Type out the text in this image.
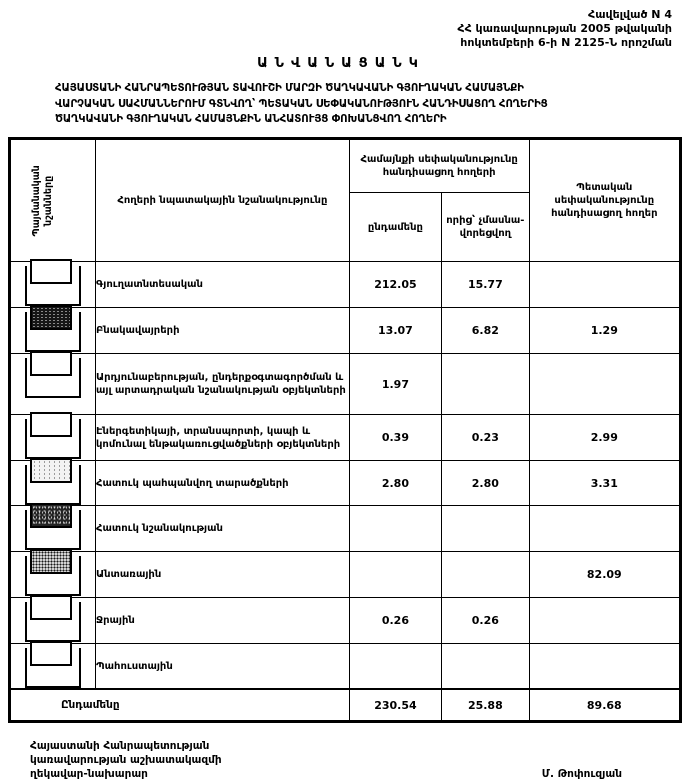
Հավելված N 4
ՀՀ կառավարության 2005 թվականի
հոկտեմբերի 6-ի N 2125-Ն որոշման
ԱՆՎԱՆԱՑԱՆԿ
ՀԱՅԱՍՏԱՆԻ ՀԱՆՐԱՊԵՏՈՒԹՅԱՆ ՏԱՎՈՒՇԻ ՄԱՐԶԻ ԾԱՂԿԱՎԱՆԻ ԳՅՈՒՂԱԿԱՆ ՀԱՄԱՅՆՔԻ
ՎԱՐՉԱԿԱՆ ՍԱՀՄԱՆՆԵՐՈՒՄ ԳՏՆՎՈՂ՝ ՊԵՏԱԿԱՆ ՍԵՓԱԿԱՆՈՒԹՅՈՒՆ ՀԱՆԴԻՍԱՑՈՂ ՀՈՂԵՐԻՑ
ԾԱՂԿԱՎԱՆԻ ԳՅՈՒՂԱԿԱՆ ՀԱՄԱՅՆՔԻՆ ԱՆՀԱՏՈՒՅՑ ՓՈԽԱՆՑՎՈՂ ՀՈՂԵՐԻ
Պայմանական նշանները	Հողերի նպատակային նշանակությունը	Համայնքի սեփականությունը հանդիսացող հողերի		Պետական սեփականությունը հանդիսացող հողեր
		ընդամենը	որից՝ չմասնա-վորեցվող	

	Գյուղատնտեսական	212.05	15.77	

	Բնակավայրերի	13.07	6.82	1.29

	Արդյունաբերության, ընդերքօգտագործման և այլ արտադրական նշանակության օբյեկտների	1.97		

	Էներգետիկայի, տրանսպորտի, կապի և կոմունալ ենթակառուցվածքների օբյեկտների	0.39	0.23	2.99

	Հատուկ պահպանվող տարածքների	2.80	2.80	3.31

	Հատուկ նշանակության			

	Անտառային			82.09

	Ջրային	0.26	0.26	

	Պահուստային			
Ընդամենը		230.54	25.88	89.68
Հայաստանի Հանրապետության
կառավարության աշխատակազմի
ղեկավար-նախարար	Մ. Թոփուզյան
